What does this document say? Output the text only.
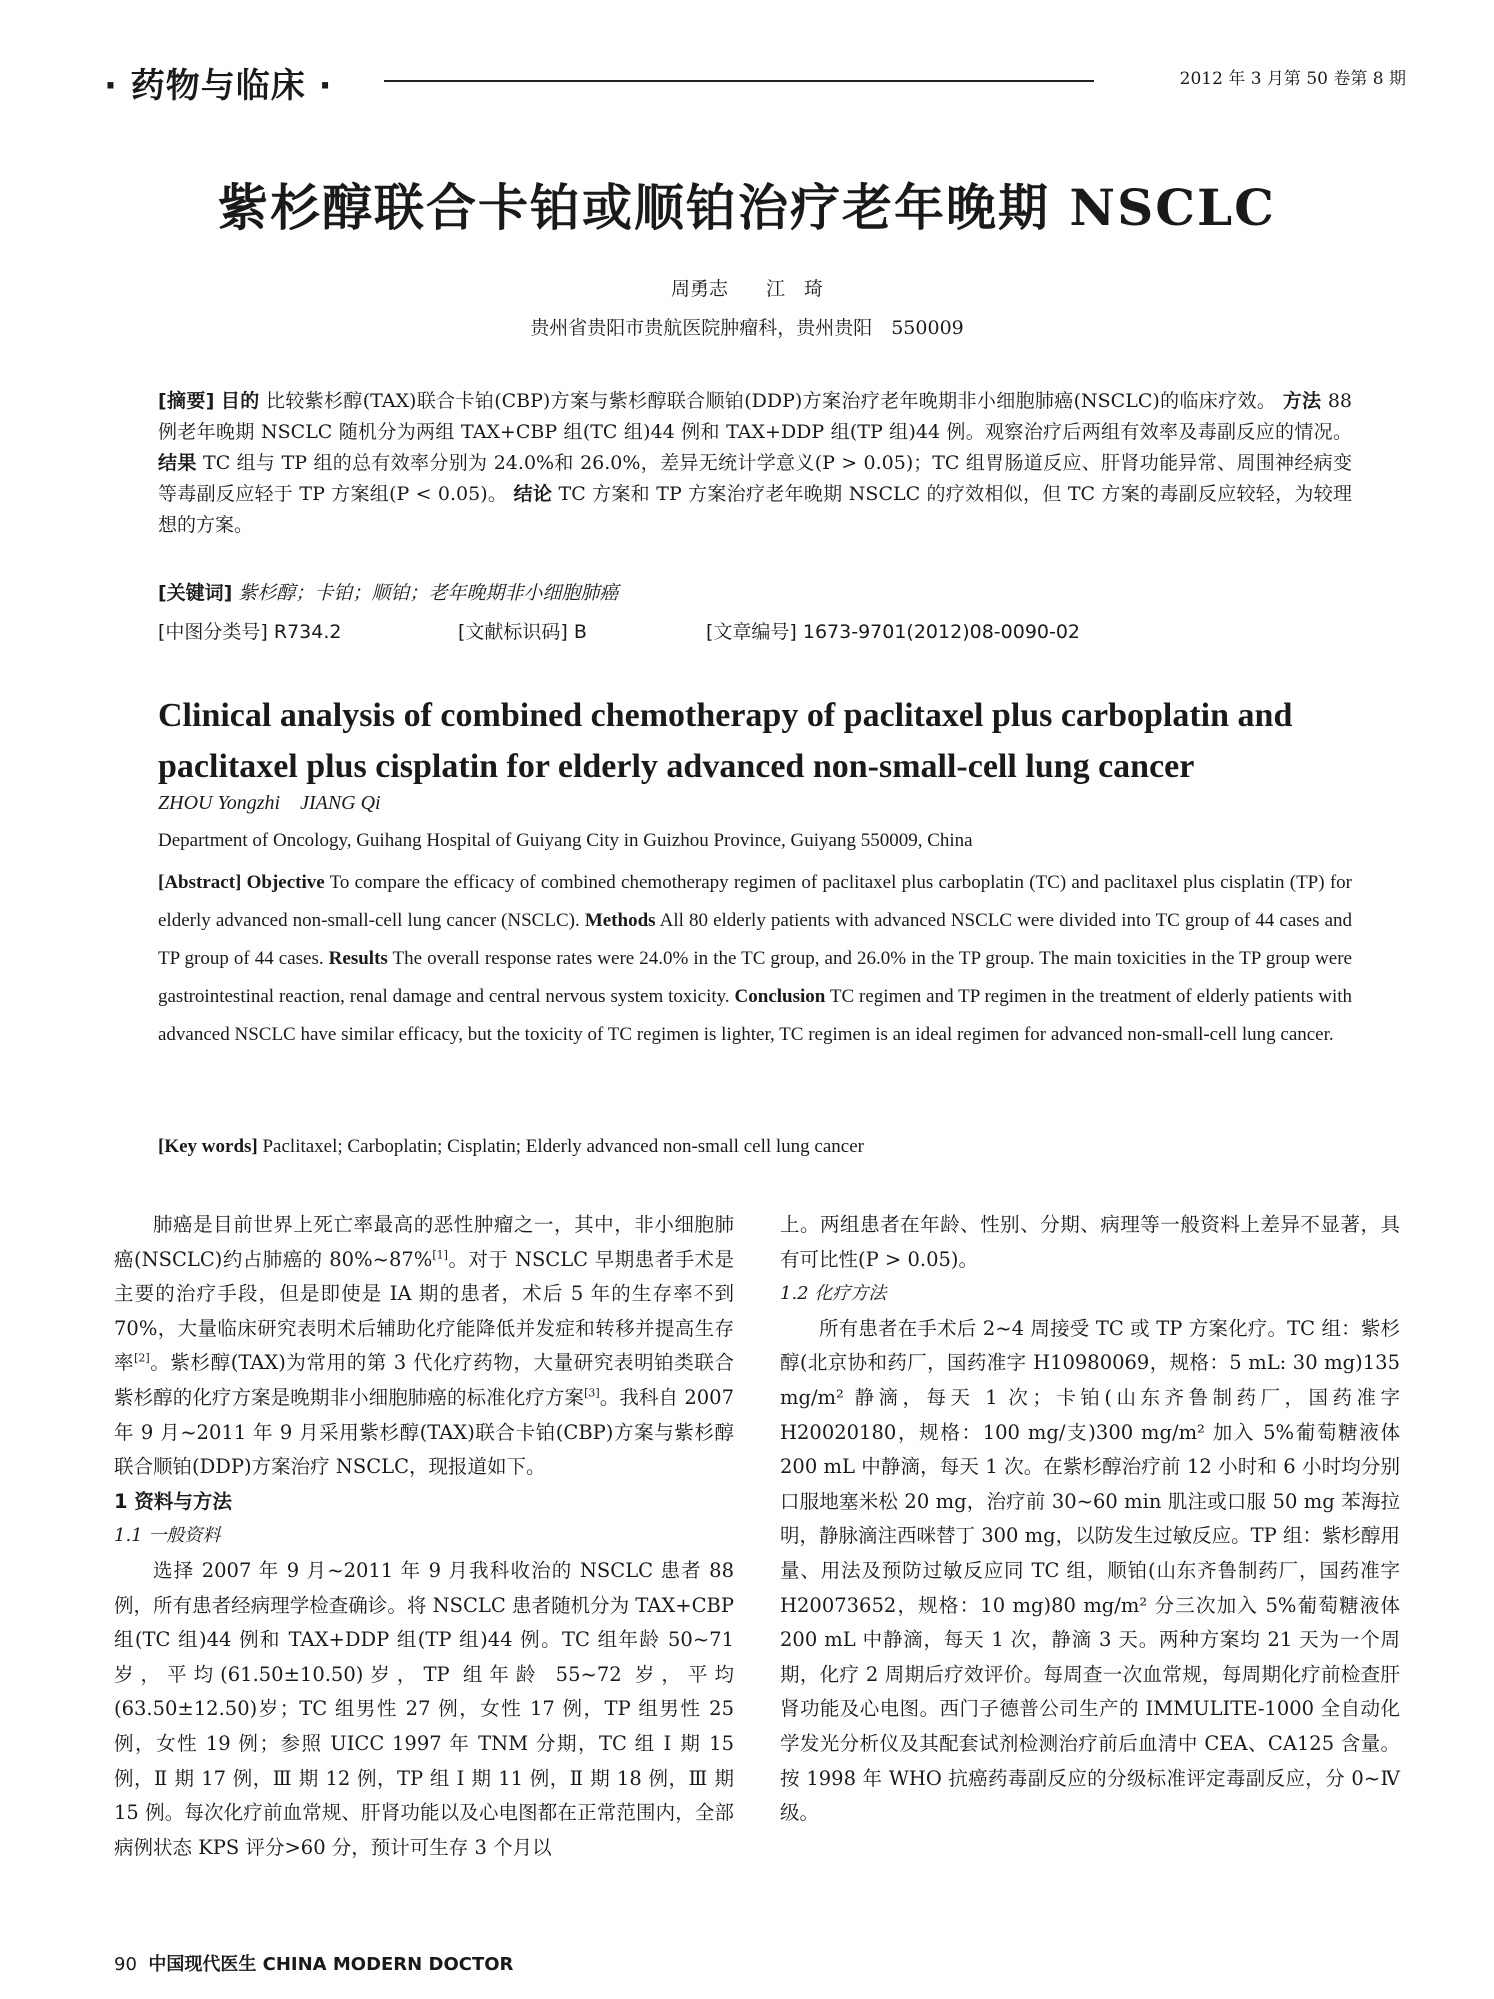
· 药物与临床 ·	2012 年 3 月第 50 卷第 8 期
紫杉醇联合卡铂或顺铂治疗老年晚期 NSCLC
周勇志　　江　琦
贵州省贵阳市贵航医院肿瘤科，贵州贵阳　550009
[摘要] 目的 比较紫杉醇(TAX)联合卡铂(CBP)方案与紫杉醇联合顺铂(DDP)方案治疗老年晚期非小细胞肺癌(NSCLC)的临床疗效。 方法 88 例老年晚期 NSCLC 随机分为两组 TAX+CBP 组(TC 组)44 例和 TAX+DDP 组(TP 组)44 例。观察治疗后两组有效率及毒副反应的情况。 结果 TC 组与 TP 组的总有效率分别为 24.0%和 26.0%，差异无统计学意义(P > 0.05)；TC 组胃肠道反应、肝肾功能异常、周围神经病变等毒副反应轻于 TP 方案组(P < 0.05)。 结论 TC 方案和 TP 方案治疗老年晚期 NSCLC 的疗效相似，但 TC 方案的毒副反应较轻，为较理想的方案。
[关键词] 紫杉醇；卡铂；顺铂；老年晚期非小细胞肺癌
[中图分类号] R734.2	[文献标识码] B	[文章编号] 1673-9701(2012)08-0090-02
Clinical analysis of combined chemotherapy of paclitaxel plus carboplatin and paclitaxel plus cisplatin for elderly advanced non-small-cell lung cancer
ZHOU Yongzhi    JIANG Qi
Department of Oncology, Guihang Hospital of Guiyang City in Guizhou Province, Guiyang 550009, China
[Abstract] Objective To compare the efficacy of combined chemotherapy regimen of paclitaxel plus carboplatin (TC) and paclitaxel plus cisplatin (TP) for elderly advanced non-small-cell lung cancer (NSCLC). Methods All 80 elderly patients with advanced NSCLC were divided into TC group of 44 cases and TP group of 44 cases. Results The overall response rates were 24.0% in the TC group, and 26.0% in the TP group. The main toxicities in the TP group were gastrointestinal reaction, renal damage and central nervous system toxicity. Conclusion TC regimen and TP regimen in the treatment of elderly patients with advanced NSCLC have similar efficacy, but the toxicity of TC regimen is lighter, TC regimen is an ideal regimen for advanced non-small-cell lung cancer.
[Key words] Paclitaxel; Carboplatin; Cisplatin; Elderly advanced non-small cell lung cancer

肺癌是目前世界上死亡率最高的恶性肿瘤之一，其中，非小细胞肺癌(NSCLC)约占肺癌的 80%~87%[1]。对于 NSCLC 早期患者手术是主要的治疗手段，但是即使是 IA 期的患者，术后 5 年的生存率不到 70%，大量临床研究表明术后辅助化疗能降低并发症和转移并提高生存率[2]。紫杉醇(TAX)为常用的第 3 代化疗药物，大量研究表明铂类联合紫杉醇的化疗方案是晚期非小细胞肺癌的标准化疗方案[3]。我科自 2007 年 9 月~2011 年 9 月采用紫杉醇(TAX)联合卡铂(CBP)方案与紫杉醇联合顺铂(DDP)方案治疗 NSCLC，现报道如下。

1 资料与方法
1.1 一般资料

选择 2007 年 9 月~2011 年 9 月我科收治的 NSCLC 患者 88 例，所有患者经病理学检查确诊。将 NSCLC 患者随机分为 TAX+CBP 组(TC 组)44 例和 TAX+DDP 组(TP 组)44 例。TC 组年龄 50~71 岁，平均(61.50±10.50)岁，TP 组年龄 55~72 岁，平均(63.50±12.50)岁；TC 组男性 27 例，女性 17 例，TP 组男性 25 例，女性 19 例；参照 UICC 1997 年 TNM 分期，TC 组 Ⅰ 期 15 例，Ⅱ 期 17 例，Ⅲ 期 12 例，TP 组 Ⅰ 期 11 例，Ⅱ 期 18 例，Ⅲ 期 15 例。每次化疗前血常规、肝肾功能以及心电图都在正常范围内，全部病例状态 KPS 评分>60 分，预计可生存 3 个月以

上。两组患者在年龄、性别、分期、病理等一般资料上差异不显著，具有可比性(P > 0.05)。

1.2 化疗方法

所有患者在手术后 2~4 周接受 TC 或 TP 方案化疗。TC 组：紫杉醇(北京协和药厂，国药准字 H10980069，规格：5 mL: 30 mg)135 mg/m² 静滴，每天 1 次；卡铂(山东齐鲁制药厂，国药准字 H20020180，规格：100 mg/支)300 mg/m² 加入 5%葡萄糖液体 200 mL 中静滴，每天 1 次。在紫杉醇治疗前 12 小时和 6 小时均分别口服地塞米松 20 mg，治疗前 30~60 min 肌注或口服 50 mg 苯海拉明，静脉滴注西咪替丁 300 mg，以防发生过敏反应。TP 组：紫杉醇用量、用法及预防过敏反应同 TC 组，顺铂(山东齐鲁制药厂，国药准字 H20073652，规格：10 mg)80 mg/m² 分三次加入 5%葡萄糖液体 200 mL 中静滴，每天 1 次，静滴 3 天。两种方案均 21 天为一个周期，化疗 2 周期后疗效评价。每周查一次血常规，每周期化疗前检查肝肾功能及心电图。西门子德普公司生产的 IMMULITE-1000 全自动化学发光分析仪及其配套试剂检测治疗前后血清中 CEA、CA125 含量。按 1998 年 WHO 抗癌药毒副反应的分级标准评定毒副反应，分 0~Ⅳ 级。

90 中国现代医生 CHINA MODERN DOCTOR
